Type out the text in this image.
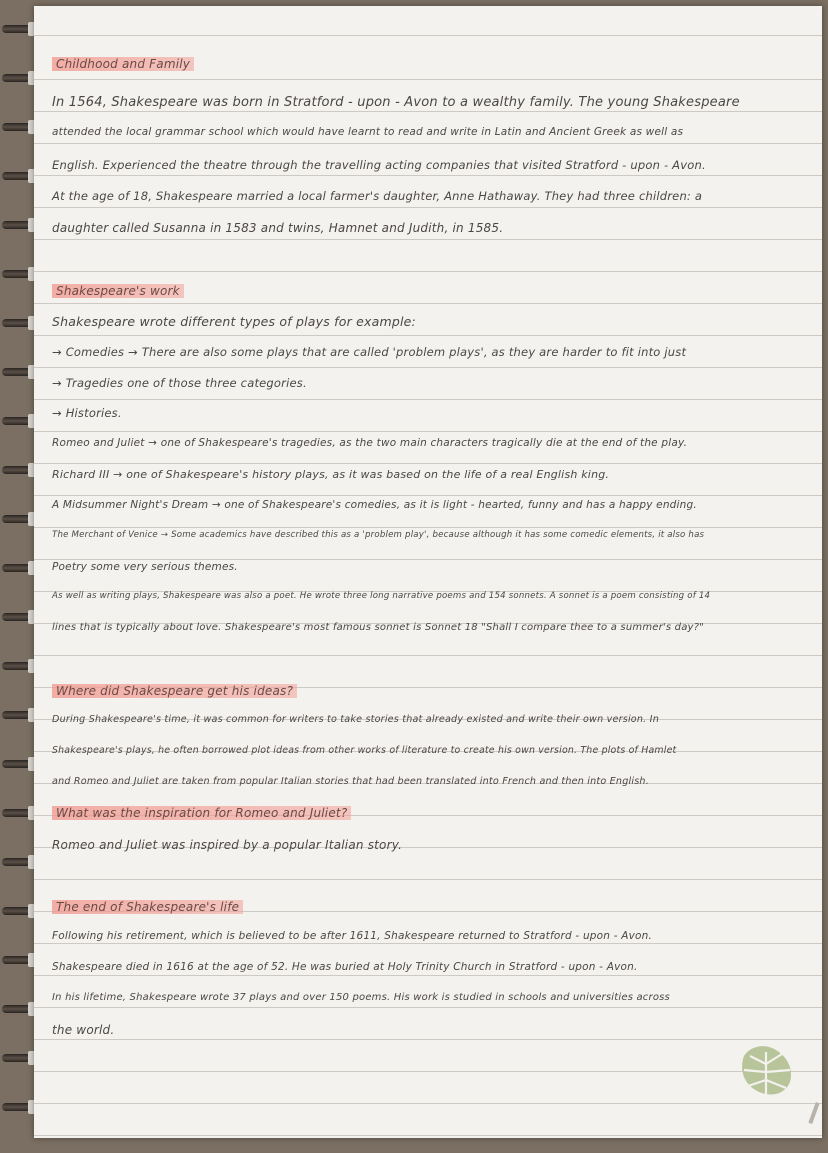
Childhood and Family
In 1564, Shakespeare was born in Stratford - upon - Avon to a wealthy family. The young Shakespeare
attended the local grammar school which would have learnt to read and write in Latin and Ancient Greek as well as
English. Experienced the theatre through the travelling acting companies that visited Stratford - upon - Avon.
At the age of 18, Shakespeare married a local farmer's daughter, Anne Hathaway. They had three children: a
daughter called Susanna in 1583 and twins, Hamnet and Judith, in 1585.
Shakespeare's work
Shakespeare wrote different types of plays for example:
→ Comedies → There are also some plays that are called 'problem plays', as they are harder to fit into just
→ Tragedies one of those three categories.
→ Histories.
Romeo and Juliet → one of Shakespeare's tragedies, as the two main characters tragically die at the end of the play.
Richard III → one of Shakespeare's history plays, as it was based on the life of a real English king.
A Midsummer Night's Dream → one of Shakespeare's comedies, as it is light - hearted, funny and has a happy ending.
The Merchant of Venice → Some academics have described this as a 'problem play', because although it has some comedic elements, it also has
Poetry some very serious themes.
As well as writing plays, Shakespeare was also a poet. He wrote three long narrative poems and 154 sonnets. A sonnet is a poem consisting of 14
lines that is typically about love. Shakespeare's most famous sonnet is Sonnet 18 "Shall I compare thee to a summer's day?"
Where did Shakespeare get his ideas?
During Shakespeare's time, it was common for writers to take stories that already existed and write their own version. In
Shakespeare's plays, he often borrowed plot ideas from other works of literature to create his own version. The plots of Hamlet
and Romeo and Juliet are taken from popular Italian stories that had been translated into French and then into English.
What was the inspiration for Romeo and Juliet?
Romeo and Juliet was inspired by a popular Italian story.
The end of Shakespeare's life
Following his retirement, which is believed to be after 1611, Shakespeare returned to Stratford - upon - Avon.
Shakespeare died in 1616 at the age of 52. He was buried at Holy Trinity Church in Stratford - upon - Avon.
In his lifetime, Shakespeare wrote 37 plays and over 150 poems. His work is studied in schools and universities across
the world.
